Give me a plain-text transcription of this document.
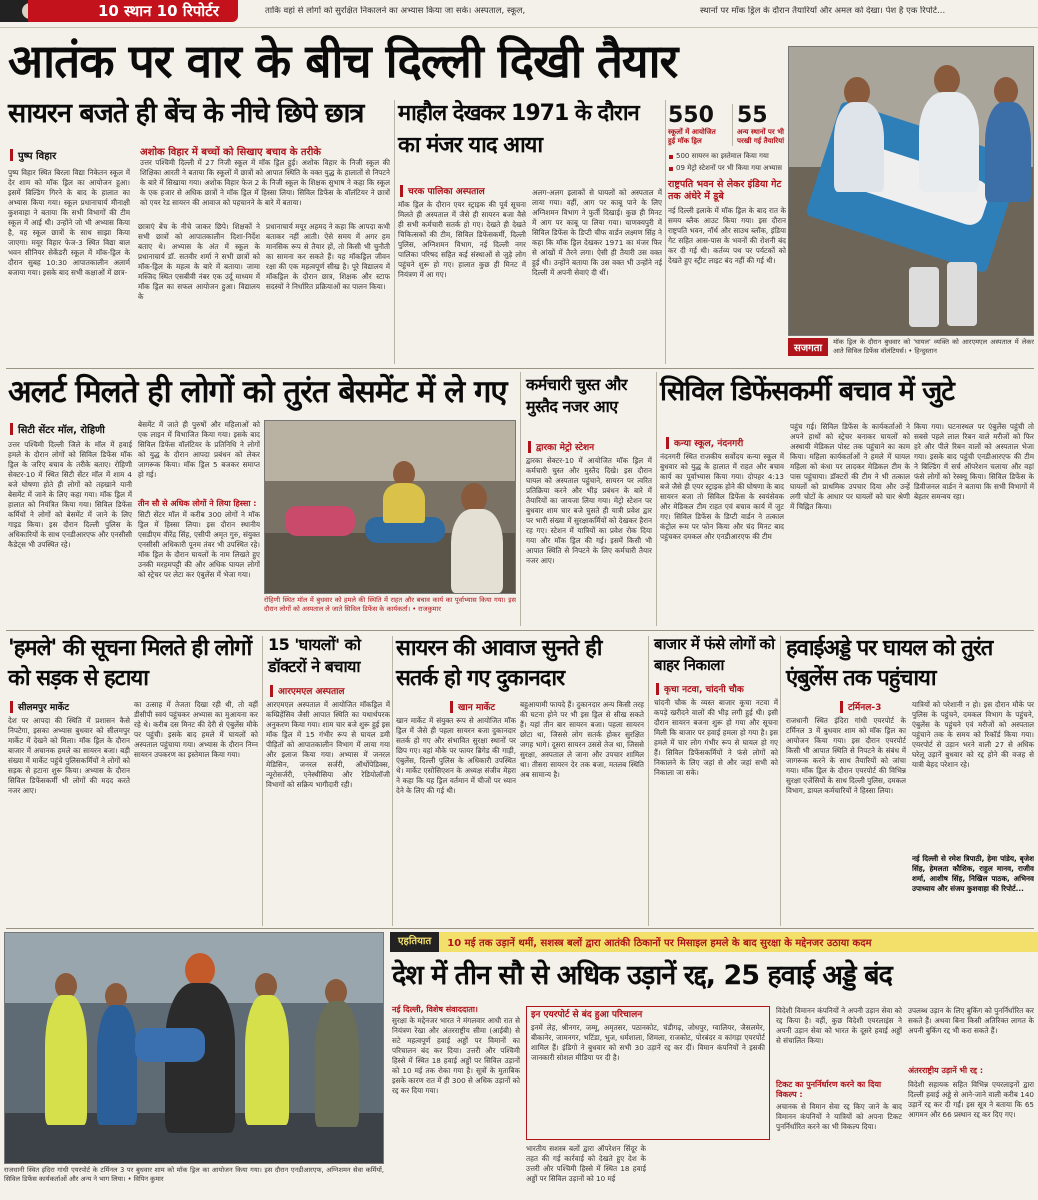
10 स्थान 10 रिपोर्टर	ताकि वहां से लोगों को सुरक्षित निकालने का अभ्यास किया जा सके। अस्पताल, स्कूल,	स्थानों पर मॉक ड्रिल के दौरान तैयारियों और अमल को देखा। पेश है एक रिपोर्ट...
आतंक पर वार के बीच दिल्ली दिखी तैयार
सायरन बजते ही बेंच के नीचे छिपे छात्र
पुष्प विहार	अशोक विहार में बच्चों को सिखाए बचाव के तरीके
उत्तर पश्चिमी दिल्ली में 27 निजी स्कूल में मॉक ड्रिल हुई। अशोक विहार के निजी स्कूल की शिक्षिका आरती ने बताया कि स्कूलों में छात्रों को आपात स्थिति के वक्त युद्ध के हालातों से निपटने के बारे में सिखाया गया। अशोक विहार फेज 2 के निजी स्कूल के शिक्षक सुभाष ने कहा कि स्कूल के एक हजार से अधिक छात्रों ने मॉक ड्रिल में हिस्सा लिया। सिविल डिफेंस के वॉलंटियर ने छात्रों को एयर रेड सायरन की आवाज को पहचानने के बारे में बताया।
पुष्प विहार स्थित बिरला विद्या निकेतन स्कूल में देर शाम को मॉक ड्रिल का आयोजन हुआ। इसमें बिल्डिंग गिरने के बाद के हालात का अभ्यास किया गया। स्कूल प्रधानाचार्य मीनाक्षी कुशवाहा ने बताया कि सभी विभागों की टीम स्कूल में आई थी। उन्होंने जो भी अभ्यास किया है, वह स्कूल छात्रों के साथ साझा किया जाएगा। मयूर विहार फेज-3 स्थित विद्या बाल भवन सीनियर सेकेंडरी स्कूल में मॉक-ड्रिल के दौरान सुबह 10:30 आपातकालीन अलार्म बजाया गया। इसके बाद सभी कक्षाओं में छात्र-
छात्राएं बेंच के नीचे जाकर छिपे। शिक्षकों ने सभी छात्रों को आपातकालीन दिशा-निर्देश बताए थे। अभ्यास के अंत में स्कूल के प्रधानाचार्य डॉ. सतवीर शर्मा ने सभी छात्रों को मॉक-ड्रिल के महत्व के बारे में बताया। जामा मस्जिद स्थित एसबीवी नंबर एक उर्दू माध्यम में मॉक ड्रिल का सफल आयोजन हुआ। विद्यालय के
प्रधानाचार्य मयूर अहमद ने कहा कि आपदा कभी बताकर नहीं आती। ऐसे समय में अगर हम मानसिक रूप से तैयार हों, तो किसी भी चुनौती का सामना कर सकते हैं। यह मॉकड्रिल जीवन रक्षा की एक महत्वपूर्ण सीख है। पूरे विद्यालय में मॉकड्रिल के दौरान छात्र, शिक्षक और स्टाफ सदस्यों ने निर्धारित प्रक्रियाओं का पालन किया।
माहौल देखकर 1971 के दौरान का मंजर याद आया
चरक पालिका अस्पताल
मॉक ड्रिल के दौरान एयर स्ट्राइक की पूर्व सूचना मिलते ही अस्पताल में जैसे ही सायरन बजा वैसे ही सभी कर्मचारी सतर्क हो गए। देखते ही देखते चिकित्सकों की टीम, सिविल डिफेंसकर्मी, दिल्ली पुलिस, अग्निशमन विभाग, नई दिल्ली नगर पालिका परिषद सहित कई संस्थाओं से जुड़े लोग पहुंचने शुरू हो गए। हालात कुछ ही मिनट में नियंत्रण में आ गए।
अलग-अलग इलाकों से घायलों को अस्पताल में लाया गया। वहीं, आग पर काबू पाने के लिए अग्निशमन विभाग ने फुर्ती दिखाई। कुछ ही मिनट में आग पर काबू पा लिया गया। चाणक्यपुरी में सिविल डिफेंस के डिप्टी चीफ वार्डन लक्ष्मण सिंह ने कहा कि मॉक ड्रिल देखकर 1971 का मंजर फिर से आंखों में तैरने लगा। ऐसी ही तैयारी उस वक्त हुई थी। उन्होंने बताया कि उस वक्त भी उन्होंने नई दिल्ली में अपनी सेवाएं दी थीं।
550
स्कूलों में आयोजित हुई मॉक ड्रिल
55
अन्य स्थानों पर भी परखी गई तैयारियां
500 सायरन का इस्तेमाल किया गया
09 मेट्रो स्टेशनों पर भी किया गया अभ्यास
राष्ट्रपति भवन से लेकर इंडिया गेट तक अंधेरे में डूबे
नई दिल्ली इलाके में मॉक ड्रिल के बाद रात के समय ब्लैक आउट किया गया। इस दौरान राष्ट्रपति भवन, नॉर्थ और साउथ ब्लॉक, इंडिया गेट सहित आस-पास के भवनों की रोशनी बंद कर दी गई थी। कर्तव्य पथ पर पर्यटकों को देखते हुए स्ट्रीट लाइट बंद नहीं की गई थी।
सजगता
मॉक ड्रिल के दौरान बुधवार को 'घायल' व्यक्ति को आरएमएल अस्पताल में लेकर आते सिविल डिफेंस वॉलंटियर्स। • हिन्दुस्तान
अलर्ट मिलते ही लोगों को तुरंत बेसमेंट में ले गए
सिटी सेंटर मॉल, रोहिणी
उत्तर पश्चिमी दिल्ली जिले के मॉल में हवाई हमले के दौरान लोगों को सिविल डिफेंस मॉक ड्रिल के जरिए बचाव के तरीके बताए। रोहिणी सेक्टर-10 में स्थित सिटी सेंटर मॉल में शाम 4 बजे घोषणा होते ही लोगों को तहखाने यानी बेसमेंट में जाने के लिए कहा गया। मॉक ड्रिल में हालात को नियंत्रित किया गया। सिविल डिफेंस कर्मियों ने लोगों को बेसमेंट में जाने के लिए गाइड किया। इस दौरान दिल्ली पुलिस के अधिकारियों के साथ एनडीआरएफ और एनसीसी कैडेट्स भी उपस्थित रहे।
बेसमेंट में जाते ही पुरुषों और महिलाओं को एक लाइन में विभाजित किया गया। इसके बाद सिविल डिफेंस वॉलंटियर के प्रतिनिधि ने लोगों को युद्ध के दौरान आपदा प्रबंधन को लेकर जागरूक किया। मॉक ड्रिल 5 बजकर समाप्त हो गई।
तीन सौ से अधिक लोगों ने लिया हिस्सा :
सिटी सेंटर मॉल में करीब 300 लोगों ने मॉक ड्रिल में हिस्सा लिया। इस दौरान स्थानीय एसडीएम वीरेंद्र सिंह, एसीपी अमृत गुरु, संयुक्त एनसीसी अधिकारी पूनम तंवर भी उपस्थित रहे। मॉक ड्रिल के दौरान घायलों के नाम लिखते हुए उनकी मरहमपट्टी की और अधिक घायल लोगों को स्ट्रेचर पर लेटा कर एंबुलेंस में भेजा गया।
रोहिणी स्थित मॉल में बुधवार को हमले की स्थिति में राहत और बचाव कार्य का पूर्वाभ्यास किया गया। इस दौरान लोगों को अस्पताल ले जाते सिविल डिफेंस के कार्यकर्ता। • राजकुमार
कर्मचारी चुस्त और मुस्तैद नजर आए
द्वारका मेट्रो स्टेशन
द्वारका सेक्टर-10 में आयोजित मॉक ड्रिल में कर्मचारी चुस्त और मुस्तैद दिखे। इस दौरान घायल को अस्पताल पहुंचाने, सायरन पर त्वरित प्रतिक्रिया करने और भीड़ प्रबंधन के बारे में तैयारियों का जायजा लिया गया। मेट्रो स्टेशन पर बुधवार शाम चार बजे घुसते ही यात्री प्रवेश द्वार पर भारी संख्या में सुरक्षाकर्मियों को देखकर हैरान रह गए। स्टेशन में यात्रियों का प्रवेश रोक दिया गया और मॉक ड्रिल की गई। इसमें किसी भी आपात स्थिति से निपटने के लिए कर्मचारी तैयार नजर आए।
सिविल डिफेंसकर्मी बचाव में जुटे
कन्या स्कूल, नंदनगरी
नंदनगरी स्थित राजकीय सर्वोदय कन्या स्कूल में बुधवार को युद्ध के हालात में राहत और बचाव कार्य का पूर्वाभ्यास किया गया। दोपहर 4:13 बजे जैसे ही एयर स्ट्राइक होने की घोषणा के बाद सायरन बजा तो सिविल डिफेंस के स्वयंसेवक और मेडिकल टीम राहत एवं बचाव कार्य में जुट गए। सिविल डिफेंस के डिप्टी वार्डन ने तत्काल कंट्रोल रूम पर फोन किया और चंद मिनट बाद पहुंचकर दमकल और एनडीआरएफ की टीम
पहुंच गई। सिविल डिफेंस के कार्यकर्ताओं ने अपने हाथों को स्ट्रेचर बनाकर घायलों को अस्थायी मेडिकल पोस्ट तक पहुंचाने का काम किया। महिला कार्यकर्ताओं ने हमले में घायल महिला को कंधा पर लादकर मेडिकल टीम के पास पहुंचाया। डॉक्टरों की टीम ने भी तत्काल घायलों को प्राथमिक उपचार दिया और उन्हें लगी चोटों के आधार पर घायलों को चार श्रेणी में चिह्नित किया।
किया गया। घटनास्थल पर एंबुलेंस पहुंची तो सबसे पहले लाल रिबन वाले मरीजों को फिर हरे और पीले रिबन वालों को अस्पताल भेजा गया। इसके बाद पहुंची एनडीआरएफ की टीम ने बिल्डिंग में सर्च ऑपरेशन चलाया और वहां फंसे लोगों को रेस्क्यू किया। सिविल डिफेंस के डिवीजनल वार्डन ने बताया कि सभी विभागों में बेहतर समन्वय रहा।
'हमले' की सूचना मिलते ही लोगों को सड़क से हटाया
सीलमपुर मार्केट
देश पर आपदा की स्थिति में प्रशासन कैसे निपटेगा, इसका अभ्यास बुधवार को सीलमपुर मार्केट में देखने को मिला। मॉक ड्रिल के दौरान बाजार में अचानक हमले का सायरन बजा। बड़ी संख्या में मार्केट पहुंचे पुलिसकर्मियों ने लोगों को सड़क से हटाना शुरू किया। अभ्यास के दौरान सिविल डिफेंसकर्मी भी लोगों की मदद करते नजर आए।
का उत्साह में तेजता दिखा रही थी, तो वहीं डीसीपी स्वयं पहुंचकर अभ्यास का मुआयना कर रहे थे। करीब दस मिनट की देरी से एंबुलेंस मौके पर पहुंची। इसके बाद हमले में घायलों को अस्पताल पहुंचाया गया। अभ्यास के दौरान निम्न सायरन उपकरण का इस्तेमाल किया गया।
15 'घायलों' को डॉक्टरों ने बचाया
आरएमएल अस्पताल
आरएमएल अस्पताल में आयोजित मॉकड्रिल में कम्प्रिहेंसिव जैसी आपात स्थिति का यथार्थपरक अनुकरण किया गया। शाम चार बजे शुरू हुई इस मॉक ड्रिल में 15 गंभीर रूप से घायल डमी पीड़ितों को आपातकालीन विभाग में लाया गया और इलाज किया गया। अभ्यास में जनरल मेडिसिन, जनरल सर्जरी, ऑर्थोपेडिक्स, न्यूरोसर्जरी, एनेस्थीसिया और रेडियोलॉजी विभागों को सक्रिय भागीदारी रही।
सायरन की आवाज सुनते ही सतर्क हो गए दुकानदार
खान मार्केट
खान मार्केट में संयुक्त रूप से आयोजित मॉक ड्रिल में जैसे ही पहला सायरन बजा दुकानदार सतर्क हो गए और संभावित सुरक्षा स्थानों पर छिप गए। वहां मौके पर फायर ब्रिगेड की गाड़ी, एंबुलेंस, दिल्ली पुलिस के अधिकारी उपस्थित थे। मार्केट एसोसिएशन के अध्यक्ष संजीव मेहरा ने कहा कि यह ड्रिल वर्तमान में चीजों पर ध्यान देने के लिए की गई थी।
बहुआयामी फायदे हैं। दुकानदार अन्य किसी तरह की घटना होने पर भी इस ड्रिल से सीख सकते हैं। यहां तीन बार सायरन बजा। पहला सायरन छोटा था, जिससे लोग सतर्क होकर सुरक्षित जगह भागे। दूसरा सायरन उससे तेज था, जिससे सुरक्षा, अस्पताल ले जाना और उपचार शामिल था। तीसरा सायरन देर तक बजा, मतलब स्थिति अब सामान्य है।
बाजार में फंसे लोगों को बाहर निकाला
कृचा नटवा, चांदनी चौक
चांदनी चौक के व्यस्त बाजार कूचा नटवा में कपड़े खरीदने वालों की भीड़ लगी हुई थी। इसी दौरान सायरन बजना शुरू हो गया और सूचना मिली कि बाजार पर हवाई हमला हो गया है। इस हमले में चार लोग गंभीर रूप से घायल हो गए हैं। सिविल डिफेंसकर्मियों ने फंसे लोगों को निकालने के लिए जहां से और जहां सभी को निकाला जा सके।
हवाईअड्डे पर घायल को तुरंत एंबुलेंस तक पहुंचाया
टर्मिनल-3
राजधानी स्थित इंदिरा गांधी एयरपोर्ट के टर्मिनल 3 में बुधवार शाम को मॉक ड्रिल का आयोजन किया गया। इस दौरान एयरपोर्ट किसी भी आपात स्थिति से निपटने के संबंध में जागरूक करने के साथ तैयारियों को जांचा गया। मॉक ड्रिल के दौरान एयरपोर्ट की विभिन्न सुरक्षा एजेंसियों के साथ दिल्ली पुलिस, दमकल विभाग, डायल कर्मचारियों ने हिस्सा लिया।
यात्रियों को परेशानी न हो। इस दौरान मौके पर पुलिस के पहुंचने, दमकल विभाग के पहुंचने, एंबुलेंस के पहुंचने एवं मरीजों को अस्पताल पहुंचाने तक के समय को रिकॉर्ड किया गया। एयरपोर्ट से उड़ान भरने वाली 27 से अधिक घरेलू उड़ानें बुधवार को रद्द होने की वजह से यात्री बेहद परेशान रहे।
नई दिल्ली से रमेश त्रिपाठी, हेमा पांडेय, बृजेश सिंह, हेमलता कौशिक, राहुल मानव, राजीव शर्मा, आशीष सिंह, निखिल पाठक, अभिनव उपाध्याय और संजय कुशवाहा की रिपोर्ट...
राजधानी स्थित इंदिरा गांधी एयरपोर्ट के टर्मिनल 3 पर बुधवार शाम को मॉक ड्रिल का आयोजन किया गया। इस दौरान एनडीआरएफ, अग्निशमन सेवा कर्मियों, सिविल डिफेंस कार्यकर्ताओं और अन्य ने भाग लिया। • विपिन कुमार
एहतियात	10 मई तक उड़ानें थमीं, सशस्त्र बलों द्वारा आतंकी ठिकानों पर मिसाइल हमले के बाद सुरक्षा के मद्देनजर उठाया कदम
देश में तीन सौ से अधिक उड़ानें रद्द, 25 हवाई अड्डे बंद
नई दिल्ली, विशेष संवाददाता।
सुरक्षा के मद्देनजर भारत ने मंगलवार आधी रात से नियंत्रण रेखा और अंतरराष्ट्रीय सीमा (आईबी) से सटे महत्वपूर्ण हवाई अड्डों पर विमानों का परिचालन बंद कर दिया। उत्तरी और पश्चिमी हिस्से में स्थित 18 हवाई अड्डों पर सिविल उड़ानों को 10 मई तक रोका गया है। सूत्रों के मुताबिक इसके कारण रात में ही 300 से अधिक उड़ानों को रद्द कर दिया गया।
इन एयरपोर्ट से बंद हुआ परिचालन
इनमें लेह, श्रीनगर, जम्मू, अमृतसर, पठानकोट, चंडीगढ़, जोधपुर, ग्वालियर, जैसलमेर, बीकानेर, जामनगर, भटिंडा, भुज, धर्मशाला, शिमला, राजकोट, पोरबंदर व कांगड़ा एयरपोर्ट शामिल हैं। इंडिगो ने बुधवार को सभी 30 उड़ानें रद्द कर दीं। विमान कंपनियों ने इसकी जानकारी सोशल मीडिया पर दी है।
भारतीय सशस्त्र बलों द्वारा ऑपरेशन सिंदूर के तहत की गई कार्रवाई को देखते हुए देश के उत्तरी और पश्चिमी हिस्से में स्थित 18 हवाई अड्डों पर सिविल उड़ानों को 10 मई
विदेशी विमानन कंपनियों ने अपनी उड़ान सेवा को रद्द किया है। वहीं, कुछ विदेशी एयरलाइंस ने अपनी उड़ान सेवा को भारत के दूसरे हवाई अड्डों से संचालित किया।
टिकट का पुनर्निर्धारण करने का दिया विकल्प :
अचानक से विमान सेवा रद्द किए जाने के बाद विमानन कंपनियों ने यात्रियों को अपना टिकट पुनर्निर्धारित करने का भी विकल्प दिया।
उपलब्ध उड़ान के लिए बुकिंग को पुनर्निर्धारित कर सकते हैं। अथवा बिना किसी अतिरिक्त लागत के अपनी बुकिंग रद्द भी करा सकते हैं।
अंतरराष्ट्रीय उड़ानें भी रद्द :
विदेशी सहायक सहित विभिन्न एयरलाइनों द्वारा दिल्ली हवाई अड्डे से आने-जाने वाली करीब 140 उड़ानें रद्द कर दी गईं। इस सूत्र ने बताया कि 65 आगमन और 66 प्रस्थान रद्द कर दिए गए।
